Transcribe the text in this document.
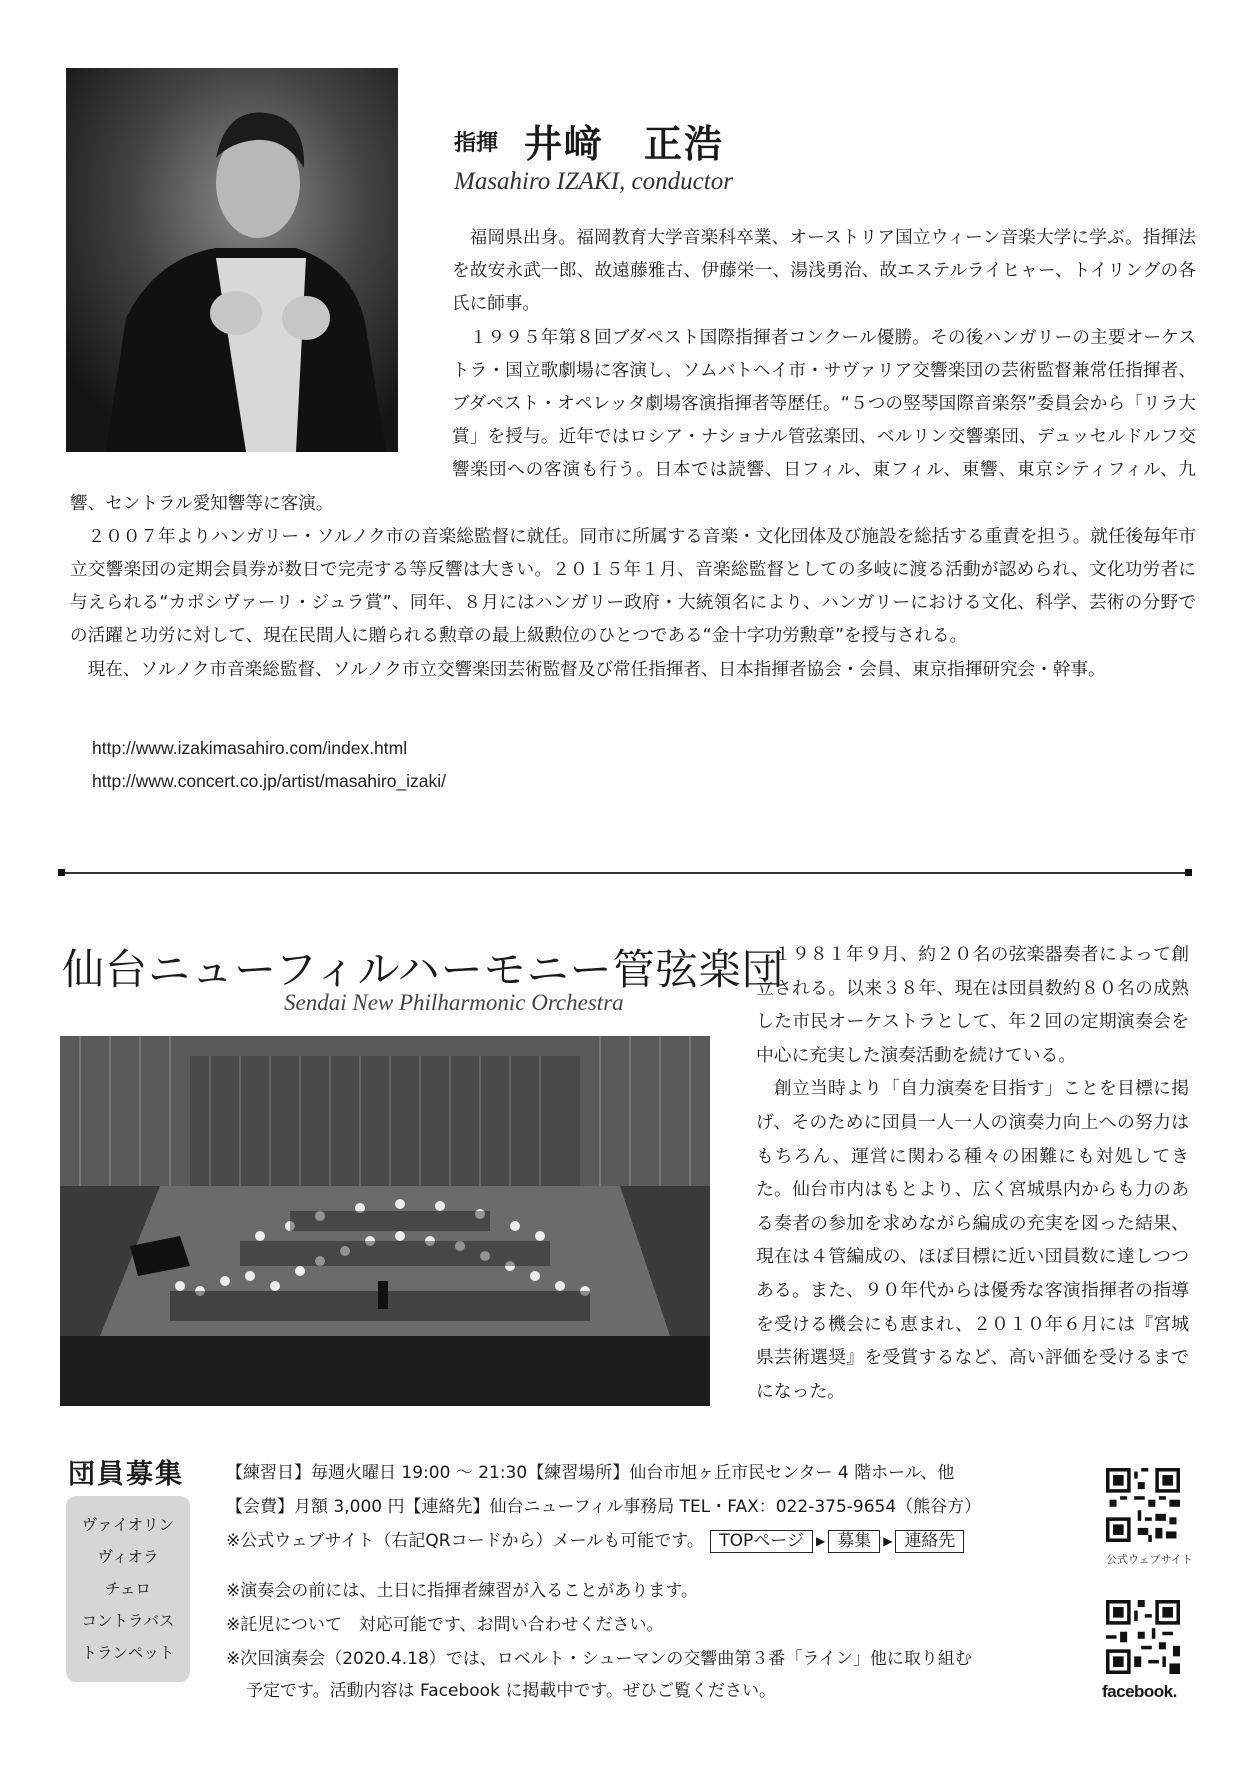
指揮 井﨑　正浩
Masahiro IZAKI, conductor

福岡県出身。福岡教育大学音楽科卒業、オーストリア国立ウィーン音楽大学に学ぶ。指揮法を故安永武一郎、故遠藤雅古、伊藤栄一、湯浅勇治、故エステルライヒャー、トイリングの各氏に師事。

１９９５年第８回ブダペスト国際指揮者コンクール優勝。その後ハンガリーの主要オーケストラ・国立歌劇場に客演し、ソムバトヘイ市・サヴァリア交響楽団の芸術監督兼常任指揮者、ブダペスト・オペレッタ劇場客演指揮者等歴任。“５つの竪琴国際音楽祭”委員会から「リラ大賞」を授与。近年ではロシア・ナショナル管弦楽団、ベルリン交響楽団、デュッセルドルフ交響楽団への客演も行う。日本では読響、日フィル、東フィル、東響、東京シティフィル、九響、セントラル愛知響等に客演。

２００７年よりハンガリー・ソルノク市の音楽総監督に就任。同市に所属する音楽・文化団体及び施設を総括する重責を担う。就任後毎年市立交響楽団の定期会員券が数日で完売する等反響は大きい。２０１５年１月、音楽総監督としての多岐に渡る活動が認められ、文化功労者に与えられる“カポシヴァーリ・ジュラ賞”、同年、８月にはハンガリー政府・大統領名により、ハンガリーにおける文化、科学、芸術の分野での活躍と功労に対して、現在民間人に贈られる勲章の最上級勲位のひとつである“金十字功労勲章”を授与される。

現在、ソルノク市音楽総監督、ソルノク市立交響楽団芸術監督及び常任指揮者、日本指揮者協会・会員、東京指揮研究会・幹事。

http://www.izakimasahiro.com/index.html
http://www.concert.co.jp/artist/masahiro_izaki/
仙台ニューフィルハーモニー管弦楽団
Sendai New Philharmonic Orchestra

１９８１年９月、約２０名の弦楽器奏者によって創立される。以来３８年、現在は団員数約８０名の成熟した市民オーケストラとして、年２回の定期演奏会を中心に充実した演奏活動を続けている。

創立当時より「自力演奏を目指す」ことを目標に掲げ、そのために団員一人一人の演奏力向上への努力はもちろん、運営に関わる種々の困難にも対処してきた。仙台市内はもとより、広く宮城県内からも力のある奏者の参加を求めながら編成の充実を図った結果、現在は４管編成の、ほぼ目標に近い団員数に達しつつある。また、９０年代からは優秀な客演指揮者の指導を受ける機会にも恵まれ、２０１０年６月には『宮城県芸術選奨』を受賞するなど、高い評価を受けるまでになった。

団員募集
ヴァイオリン
ヴィオラ
チェロ
コントラバス
トランペット
【練習日】毎週火曜日 19:00 ～ 21:30【練習場所】仙台市旭ヶ丘市民センター 4 階ホール、他
【会費】月額 3,000 円【連絡先】仙台ニューフィル事務局 TEL・FAX：022-375-9654（熊谷方）
※公式ウェブサイト（右記QRコードから）メールも可能です。 TOPページ ▶ 募集 ▶ 連絡先
※演奏会の前には、土日に指揮者練習が入ることがあります。
※託児について　対応可能です、お問い合わせください。
※次回演奏会（2020.4.18）では、ロベルト・シューマンの交響曲第３番「ライン」他に取り組む
予定です。活動内容は Facebook に掲載中です。ぜひご覧ください。
公式ウェブサイト
facebook.
